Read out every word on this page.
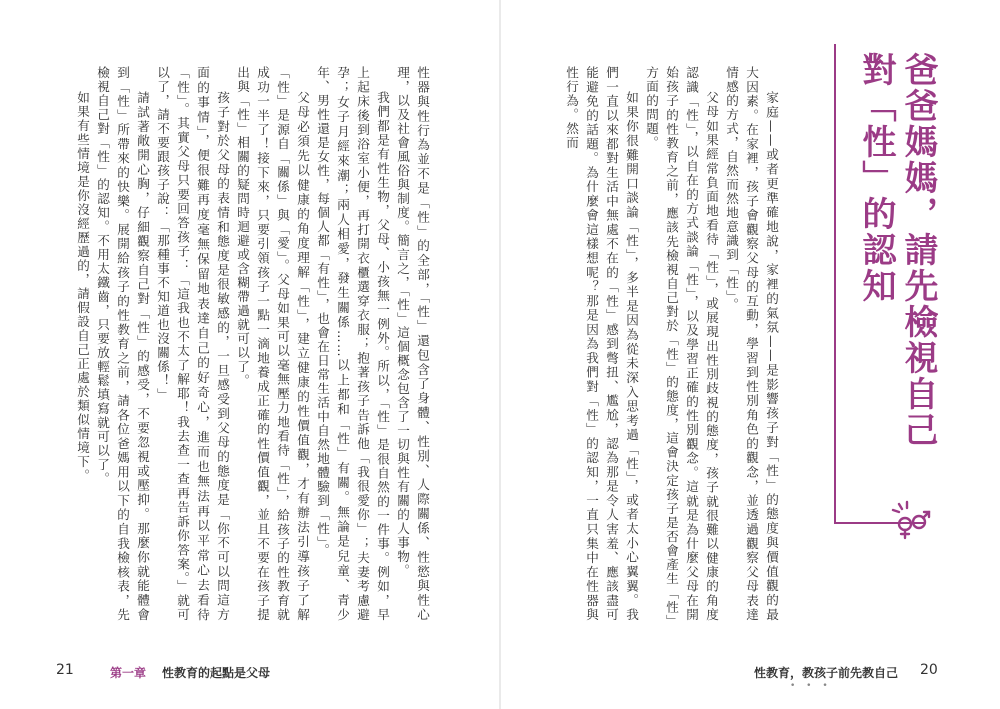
性器與性行為並不是「性」的全部，「性」還包含了身體、性別、人際關係、性慾與性心理，以及社會風俗與制度。簡言之，「性」這個概念包含了一切與性有關的人事物。

我們都是有性生物，父母、小孩無一例外。所以，「性」是很自然的一件事。例如，早上起床後到浴室小便，再打開衣櫃選穿衣服；抱著孩子告訴他「我很愛你」；夫妻考慮避孕；女子月經來潮；兩人相愛，發生關係……以上都和「性」有關。無論是兒童、青少年、男性還是女性，每個人都「有性」，也會在日常生活中自然地體驗到「性」。

父母必須先以健康的角度理解「性」，建立健康的性價值觀，才有辦法引導孩子了解「性」是源自「關係」與「愛」。父母如果可以毫無壓力地看待「性」，給孩子的性教育就成功一半了！接下來，只要引領孩子一點一滴地養成正確的性價值觀，並且不要在孩子提出與「性」相關的疑問時迴避或含糊帶過就可以了。

孩子對於父母的表情和態度是很敏感的，一旦感受到父母的態度是「你不可以問這方面的事情」，便很難再度毫無保留地表達自己的好奇心，進而也無法再以平常心去看待「性」。其實父母只要回答孩子：「這我也不太了解耶！我去查一查再告訴你答案。」就可以了，請不要跟孩子說：「那種事不知道也沒關係！」

請試著敞開心胸，仔細觀察自己對「性」的感受，不要忽視或壓抑。那麼你就能體會到「性」所帶來的快樂。展開給孩子的性教育之前，請各位爸媽用以下的自我檢核表，先檢視自己對「性」的認知。不用太鐵齒，只要放輕鬆填寫就可以了。

如果有些情境是你沒經歷過的，請假設自己正處於類似情境下。

21	第一章 性教育的起點是父母

家庭——或者更準確地說，家裡的氣氛——是影響孩子對「性」的態度與價值觀的最大因素。在家裡，孩子會觀察父母的互動，學習到性別角色的觀念，並透過觀察父母表達情感的方式，自然而然地意識到「性」。

父母如果經常負面地看待「性」，或展現出性別歧視的態度，孩子就很難以健康的角度認識「性」，以自在的方式談論「性」，以及學習正確的性別觀念。這就是為什麼父母在開始孩子的性教育之前，應該先檢視自己對於「性」的態度，這會決定孩子是否會產生「性」方面的問題。

如果你很難開口談論「性」，多半是因為從未深入思考過「性」，或者太小心翼翼。我們一直以來都對生活中無處不在的「性」感到彆扭、尷尬，認為那是令人害羞、應該盡可能避免的話題。為什麼會這樣想呢？那是因為我們對「性」的認知，一直只集中在性器與性行為。然而	爸爸媽媽，請先檢視自己
對「性」的認知
性教育，教孩子前先教自己
• • •
20
